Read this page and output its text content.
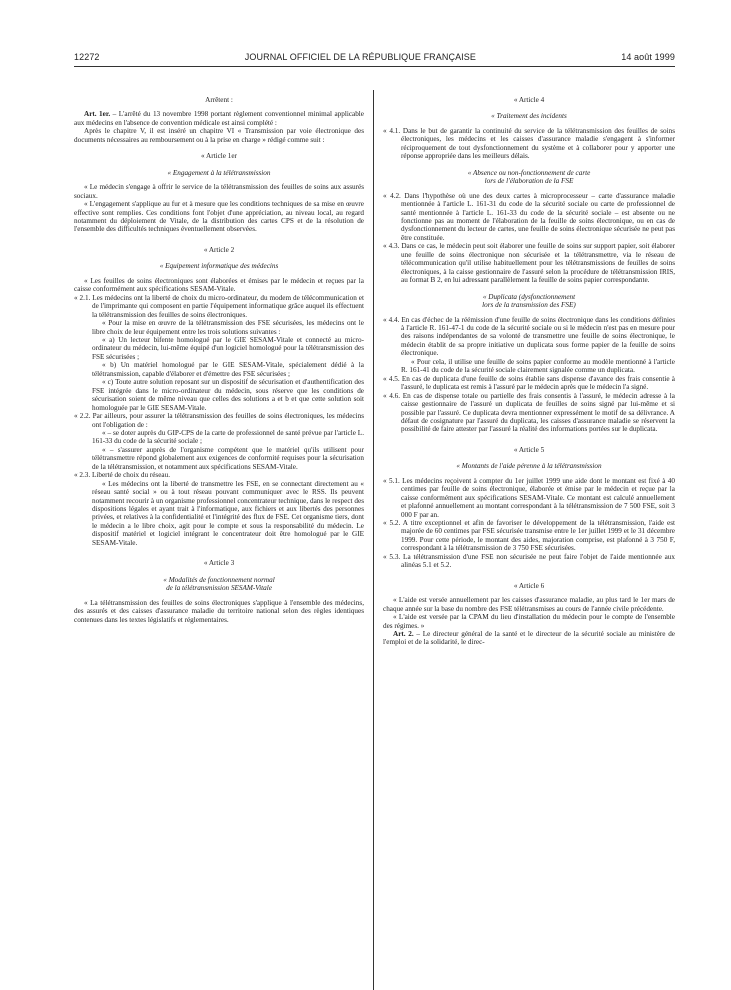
12272	JOURNAL OFFICIEL DE LA RÉPUBLIQUE FRANÇAISE	14 août 1999

Arrêtent :

Art. 1er. – L'arrêté du 13 novembre 1998 portant règlement conventionnel minimal applicable aux médecins en l'absence de convention médicale est ainsi complété :

Après le chapitre V, il est inséré un chapitre VI « Transmission par voie électronique des documents nécessaires au remboursement ou à la prise en charge » rédigé comme suit :

« Article 1er

« Engagement à la télétransmission

« Le médecin s'engage à offrir le service de la télétransmission des feuilles de soins aux assurés sociaux.

« L'engagement s'applique au fur et à mesure que les conditions techniques de sa mise en œuvre effective sont remplies. Ces conditions font l'objet d'une appréciation, au niveau local, au regard notamment du déploiement de Vitale, de la distribution des cartes CPS et de la résolution de l'ensemble des difficultés techniques éventuellement observées.

« Article 2

« Equipement informatique des médecins

« Les feuilles de soins électroniques sont élaborées et émises par le médecin et reçues par la caisse conformément aux spécifications SESAM-Vitale.

« 2.1. Les médecins ont la liberté de choix du micro-ordinateur, du modem de télécommunication et de l'imprimante qui composent en partie l'équipement informatique grâce auquel ils effectuent la télétransmission des feuilles de soins électroniques.

« Pour la mise en œuvre de la télétransmission des FSE sécurisées, les médecins ont le libre choix de leur équipement entre les trois solutions suivantes :

« a) Un lecteur bifente homologué par le GIE SESAM-Vitale et connecté au micro-ordinateur du médecin, lui-même équipé d'un logiciel homologué pour la télétransmission des FSE sécurisées ;

« b) Un matériel homologué par le GIE SESAM-Vitale, spécialement dédié à la télétransmission, capable d'élaborer et d'émettre des FSE sécurisées ;

« c) Toute autre solution reposant sur un dispositif de sécurisation et d'authentification des FSE intégrée dans le micro-ordinateur du médecin, sous réserve que les conditions de sécurisation soient de même niveau que celles des solutions a et b et que cette solution soit homologuée par le GIE SESAM-Vitale.

« 2.2. Par ailleurs, pour assurer la télétransmission des feuilles de soins électroniques, les médecins ont l'obligation de :

« – se doter auprès du GIP-CPS de la carte de professionnel de santé prévue par l'article L. 161-33 du code de la sécurité sociale ;

« – s'assurer auprès de l'organisme compétent que le matériel qu'ils utilisent pour télétransmettre répond globalement aux exigences de conformité requises pour la sécurisation de la télétransmission, et notamment aux spécifications SESAM-Vitale.

« 2.3. Liberté de choix du réseau.

« Les médecins ont la liberté de transmettre les FSE, en se connectant directement au « réseau santé social » ou à tout réseau pouvant communiquer avec le RSS. Ils peuvent notamment recourir à un organisme professionnel concentrateur technique, dans le respect des dispositions légales et ayant trait à l'informatique, aux fichiers et aux libertés des personnes privées, et relatives à la confidentialité et l'intégrité des flux de FSE. Cet organisme tiers, dont le médecin a le libre choix, agit pour le compte et sous la responsabilité du médecin. Le dispositif matériel et logiciel intégrant le concentrateur doit être homologué par le GIE SESAM-Vitale.

« Article 3

« Modalités de fonctionnement normal

de la télétransmission SESAM-Vitale

« La télétransmission des feuilles de soins électroniques s'applique à l'ensemble des médecins, des assurés et des caisses d'assurance maladie du territoire national selon des règles identiques contenues dans les textes législatifs et réglementaires.

« Article 4

« Traitement des incidents

« 4.1. Dans le but de garantir la continuité du service de la télétransmission des feuilles de soins électroniques, les médecins et les caisses d'assurance maladie s'engagent à s'informer réciproquement de tout dysfonctionnement du système et à collaborer pour y apporter une réponse appropriée dans les meilleurs délais.

« Absence ou non-fonctionnement de carte

lors de l'élaboration de la FSE

« 4.2. Dans l'hypothèse où une des deux cartes à microprocesseur – carte d'assurance maladie mentionnée à l'article L. 161-31 du code de la sécurité sociale ou carte de professionnel de santé mentionnée à l'article L. 161-33 du code de la sécurité sociale – est absente ou ne fonctionne pas au moment de l'élaboration de la feuille de soins électronique, ou en cas de dysfonctionnement du lecteur de cartes, une feuille de soins électronique sécurisée ne peut pas être constituée.

« 4.3. Dans ce cas, le médecin peut soit élaborer une feuille de soins sur support papier, soit élaborer une feuille de soins électronique non sécurisée et la télétransmettre, via le réseau de télécommunication qu'il utilise habituellement pour les télétransmissions de feuilles de soins électroniques, à la caisse gestionnaire de l'assuré selon la procédure de télétransmission IRIS, au format B 2, en lui adressant parallèlement la feuille de soins papier correspondante.

« Duplicata (dysfonctionnement

lors de la transmission des FSE)

« 4.4. En cas d'échec de la réémission d'une feuille de soins électronique dans les conditions définies à l'article R. 161-47-1 du code de la sécurité sociale ou si le médecin n'est pas en mesure pour des raisons indépendantes de sa volonté de transmettre une feuille de soins électronique, le médecin établit de sa propre initiative un duplicata sous forme papier de la feuille de soins électronique.

« Pour cela, il utilise une feuille de soins papier conforme au modèle mentionné à l'article R. 161-41 du code de la sécurité sociale clairement signalée comme un duplicata.

« 4.5. En cas de duplicata d'une feuille de soins établie sans dispense d'avance des frais consentie à l'assuré, le duplicata est remis à l'assuré par le médecin après que le médecin l'a signé.

« 4.6. En cas de dispense totale ou partielle des frais consentis à l'assuré, le médecin adresse à la caisse gestionnaire de l'assuré un duplicata de feuilles de soins signé par lui-même et si possible par l'assuré. Ce duplicata devra mentionner expressément le motif de sa délivrance. A défaut de cosignature par l'assuré du duplicata, les caisses d'assurance maladie se réservent la possibilité de faire attester par l'assuré la réalité des informations portées sur le duplicata.

« Article 5

« Montants de l'aide pérenne à la télétransmission

« 5.1. Les médecins reçoivent à compter du 1er juillet 1999 une aide dont le montant est fixé à 40 centimes par feuille de soins électronique, élaborée et émise par le médecin et reçue par la caisse conformément aux spécifications SESAM-Vitale. Ce montant est calculé annuellement et plafonné annuellement au montant correspondant à la télétransmission de 7 500 FSE, soit 3 000 F par an.

« 5.2. A titre exceptionnel et afin de favoriser le développement de la télétransmission, l'aide est majorée de 60 centimes par FSE sécurisée transmise entre le 1er juillet 1999 et le 31 décembre 1999. Pour cette période, le montant des aides, majoration comprise, est plafonné à 3 750 F, correspondant à la télétransmission de 3 750 FSE sécurisées.

« 5.3. La télétransmission d'une FSE non sécurisée ne peut faire l'objet de l'aide mentionnée aux alinéas 5.1 et 5.2.

« Article 6

« L'aide est versée annuellement par les caisses d'assurance maladie, au plus tard le 1er mars de chaque année sur la base du nombre des FSE télétransmises au cours de l'année civile précédente.

« L'aide est versée par la CPAM du lieu d'installation du médecin pour le compte de l'ensemble des régimes. »

Art. 2. – Le directeur général de la santé et le directeur de la sécurité sociale au ministère de l'emploi et de la solidarité, le direc-
